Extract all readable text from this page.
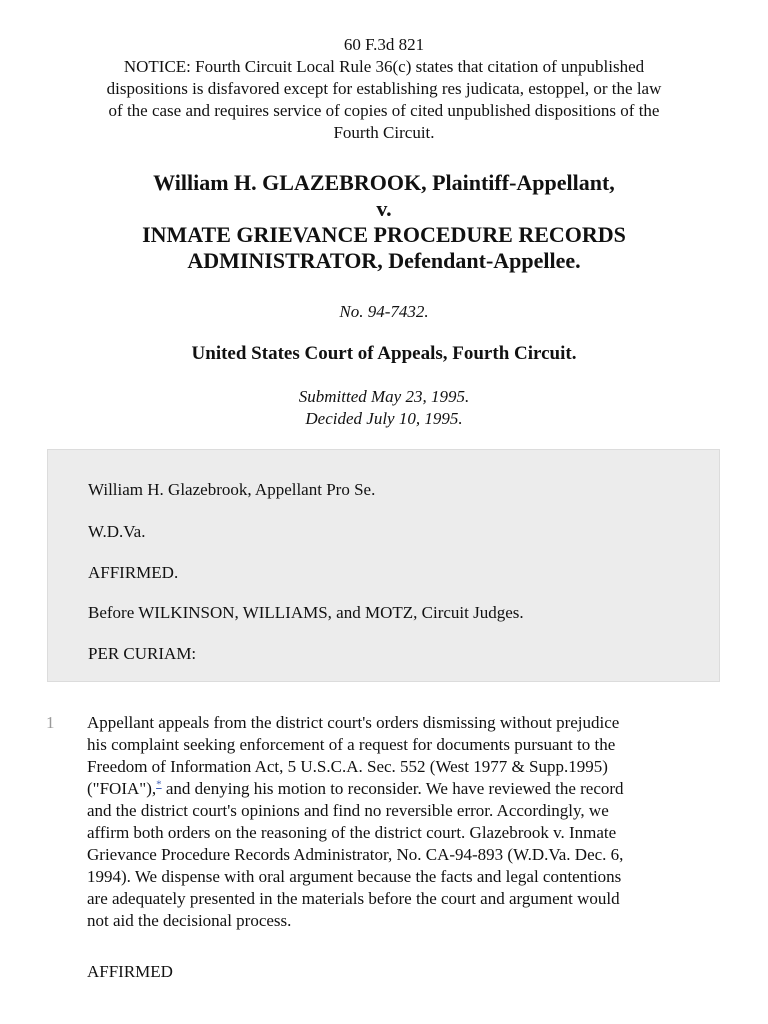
60 F.3d 821
NOTICE: Fourth Circuit Local Rule 36(c) states that citation of unpublished
dispositions is disfavored except for establishing res judicata, estoppel, or the law
of the case and requires service of copies of cited unpublished dispositions of the
Fourth Circuit.
William H. GLAZEBROOK, Plaintiff-Appellant,
v.
INMATE GRIEVANCE PROCEDURE RECORDS
ADMINISTRATOR, Defendant-Appellee.
No. 94-7432.
United States Court of Appeals, Fourth Circuit.
Submitted May 23, 1995.
Decided July 10, 1995.

William H. Glazebrook, Appellant Pro Se.

W.D.Va.

AFFIRMED.

Before WILKINSON, WILLIAMS, and MOTZ, Circuit Judges.

PER CURIAM:

1 Appellant appeals from the district court's orders dismissing without prejudice
his complaint seeking enforcement of a request for documents pursuant to the
Freedom of Information Act, 5 U.S.C.A. Sec. 552 (West 1977 & Supp.1995)
("FOIA"),* and denying his motion to reconsider. We have reviewed the record
and the district court's opinions and find no reversible error. Accordingly, we
affirm both orders on the reasoning of the district court. Glazebrook v. Inmate
Grievance Procedure Records Administrator, No. CA-94-893 (W.D.Va. Dec. 6,
1994). We dispense with oral argument because the facts and legal contentions
are adequately presented in the materials before the court and argument would
not aid the decisional process.
AFFIRMED
